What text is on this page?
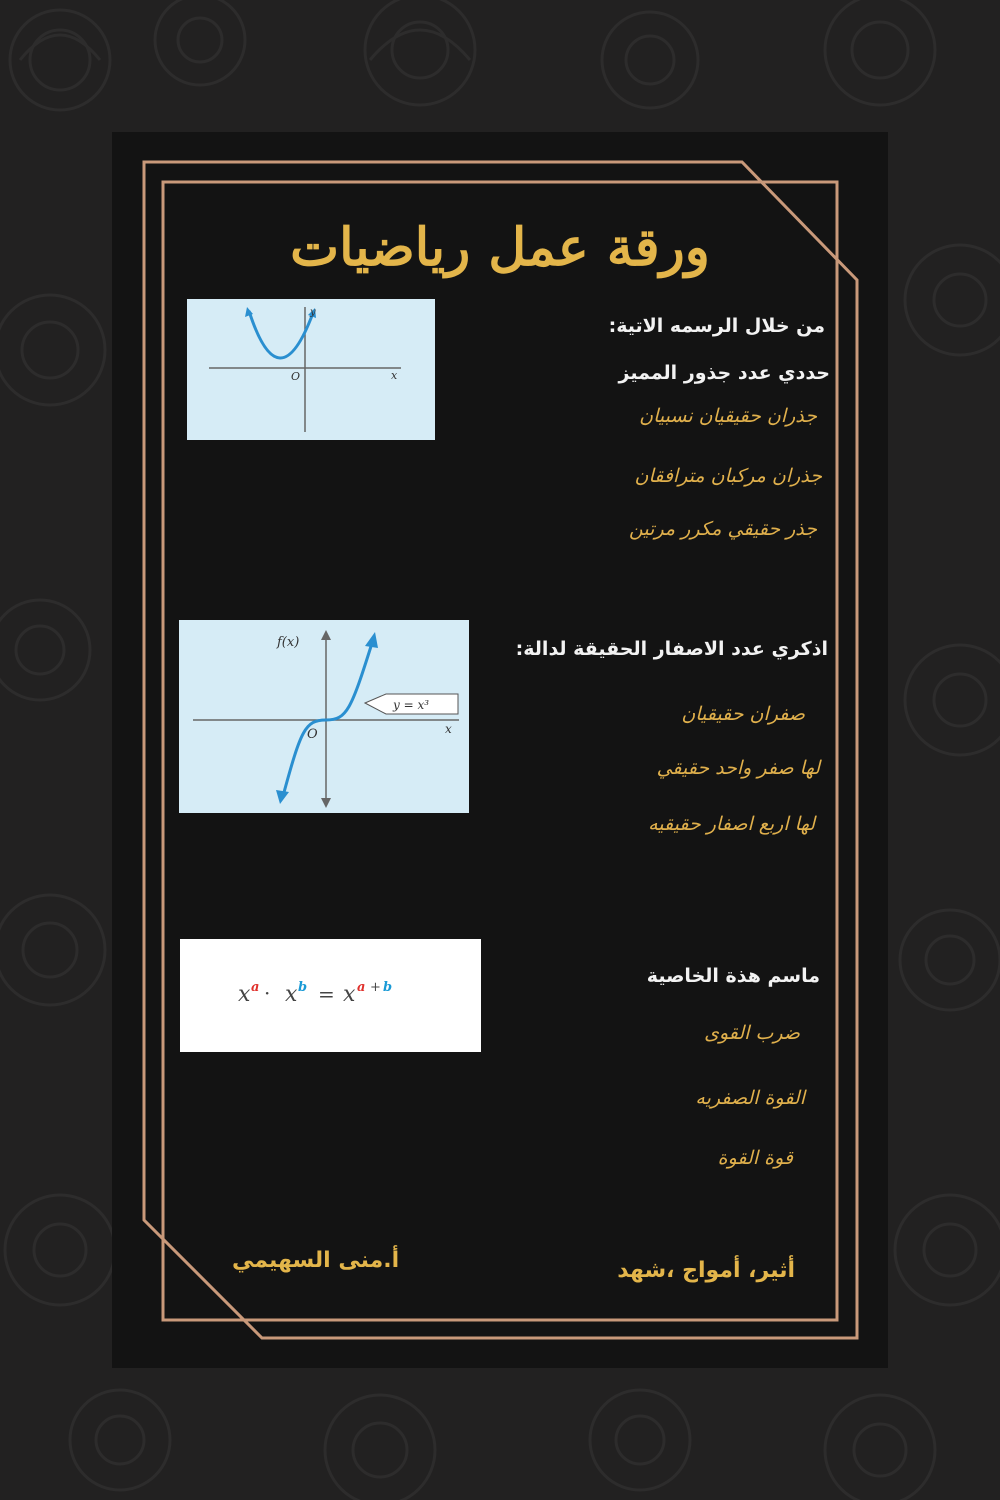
ورقة عمل رياضيات
من خلال الرسمه الاتية:
حددي عدد جذور المميز
جذران حقيقيان نسبيان
جذران مركبان مترافقان
جذر حقيقي مكرر مرتين
y
x
O
اذكري عدد الاصفار الحقيقة لدالة:
صفران حقيقيان
لها صفر واحد حقيقي
لها اربع اصفار حقيقيه
y = x³
f(x)
x
O
ماسم هذة الخاصية
ضرب القوى
القوة الصفريه
قوة القوة
x a · x b = x a + b
أثير، أمواج ،شهد
أ.منى السهيمي
